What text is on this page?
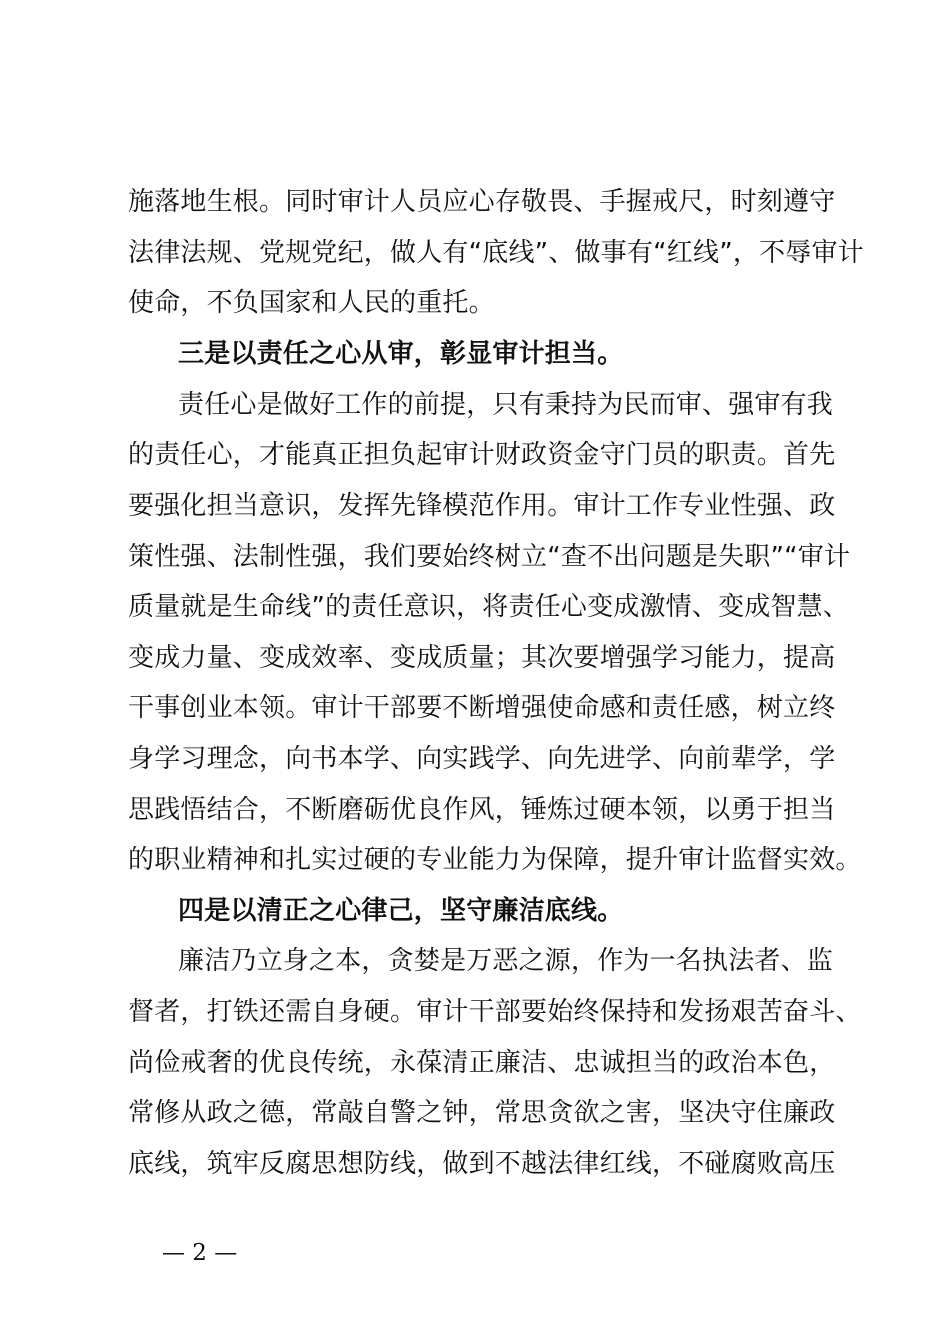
施落地生根。同时审计人员应心存敬畏、手握戒尺，时刻遵守
法律法规、党规党纪，做人有“底线”、做事有“红线”，不辱审计
使命，不负国家和人民的重托。
三是以责任之心从审，彰显审计担当。
责任心是做好工作的前提，只有秉持为民而审、强审有我
的责任心，才能真正担负起审计财政资金守门员的职责。首先
要强化担当意识，发挥先锋模范作用。审计工作专业性强、政
策性强、法制性强，我们要始终树立“查不出问题是失职”“审计
质量就是生命线”的责任意识，将责任心变成激情、变成智慧、
变成力量、变成效率、变成质量；其次要增强学习能力，提高
干事创业本领。审计干部要不断增强使命感和责任感，树立终
身学习理念，向书本学、向实践学、向先进学、向前辈学，学
思践悟结合，不断磨砺优良作风，锤炼过硬本领，以勇于担当
的职业精神和扎实过硬的专业能力为保障，提升审计监督实效。
四是以清正之心律己，坚守廉洁底线。
廉洁乃立身之本，贪婪是万恶之源，作为一名执法者、监
督者，打铁还需自身硬。审计干部要始终保持和发扬艰苦奋斗、
尚俭戒奢的优良传统，永葆清正廉洁、忠诚担当的政治本色，
常修从政之德，常敲自警之钟，常思贪欲之害，坚决守住廉政
底线，筑牢反腐思想防线，做到不越法律红线，不碰腐败高压
— 2 —
